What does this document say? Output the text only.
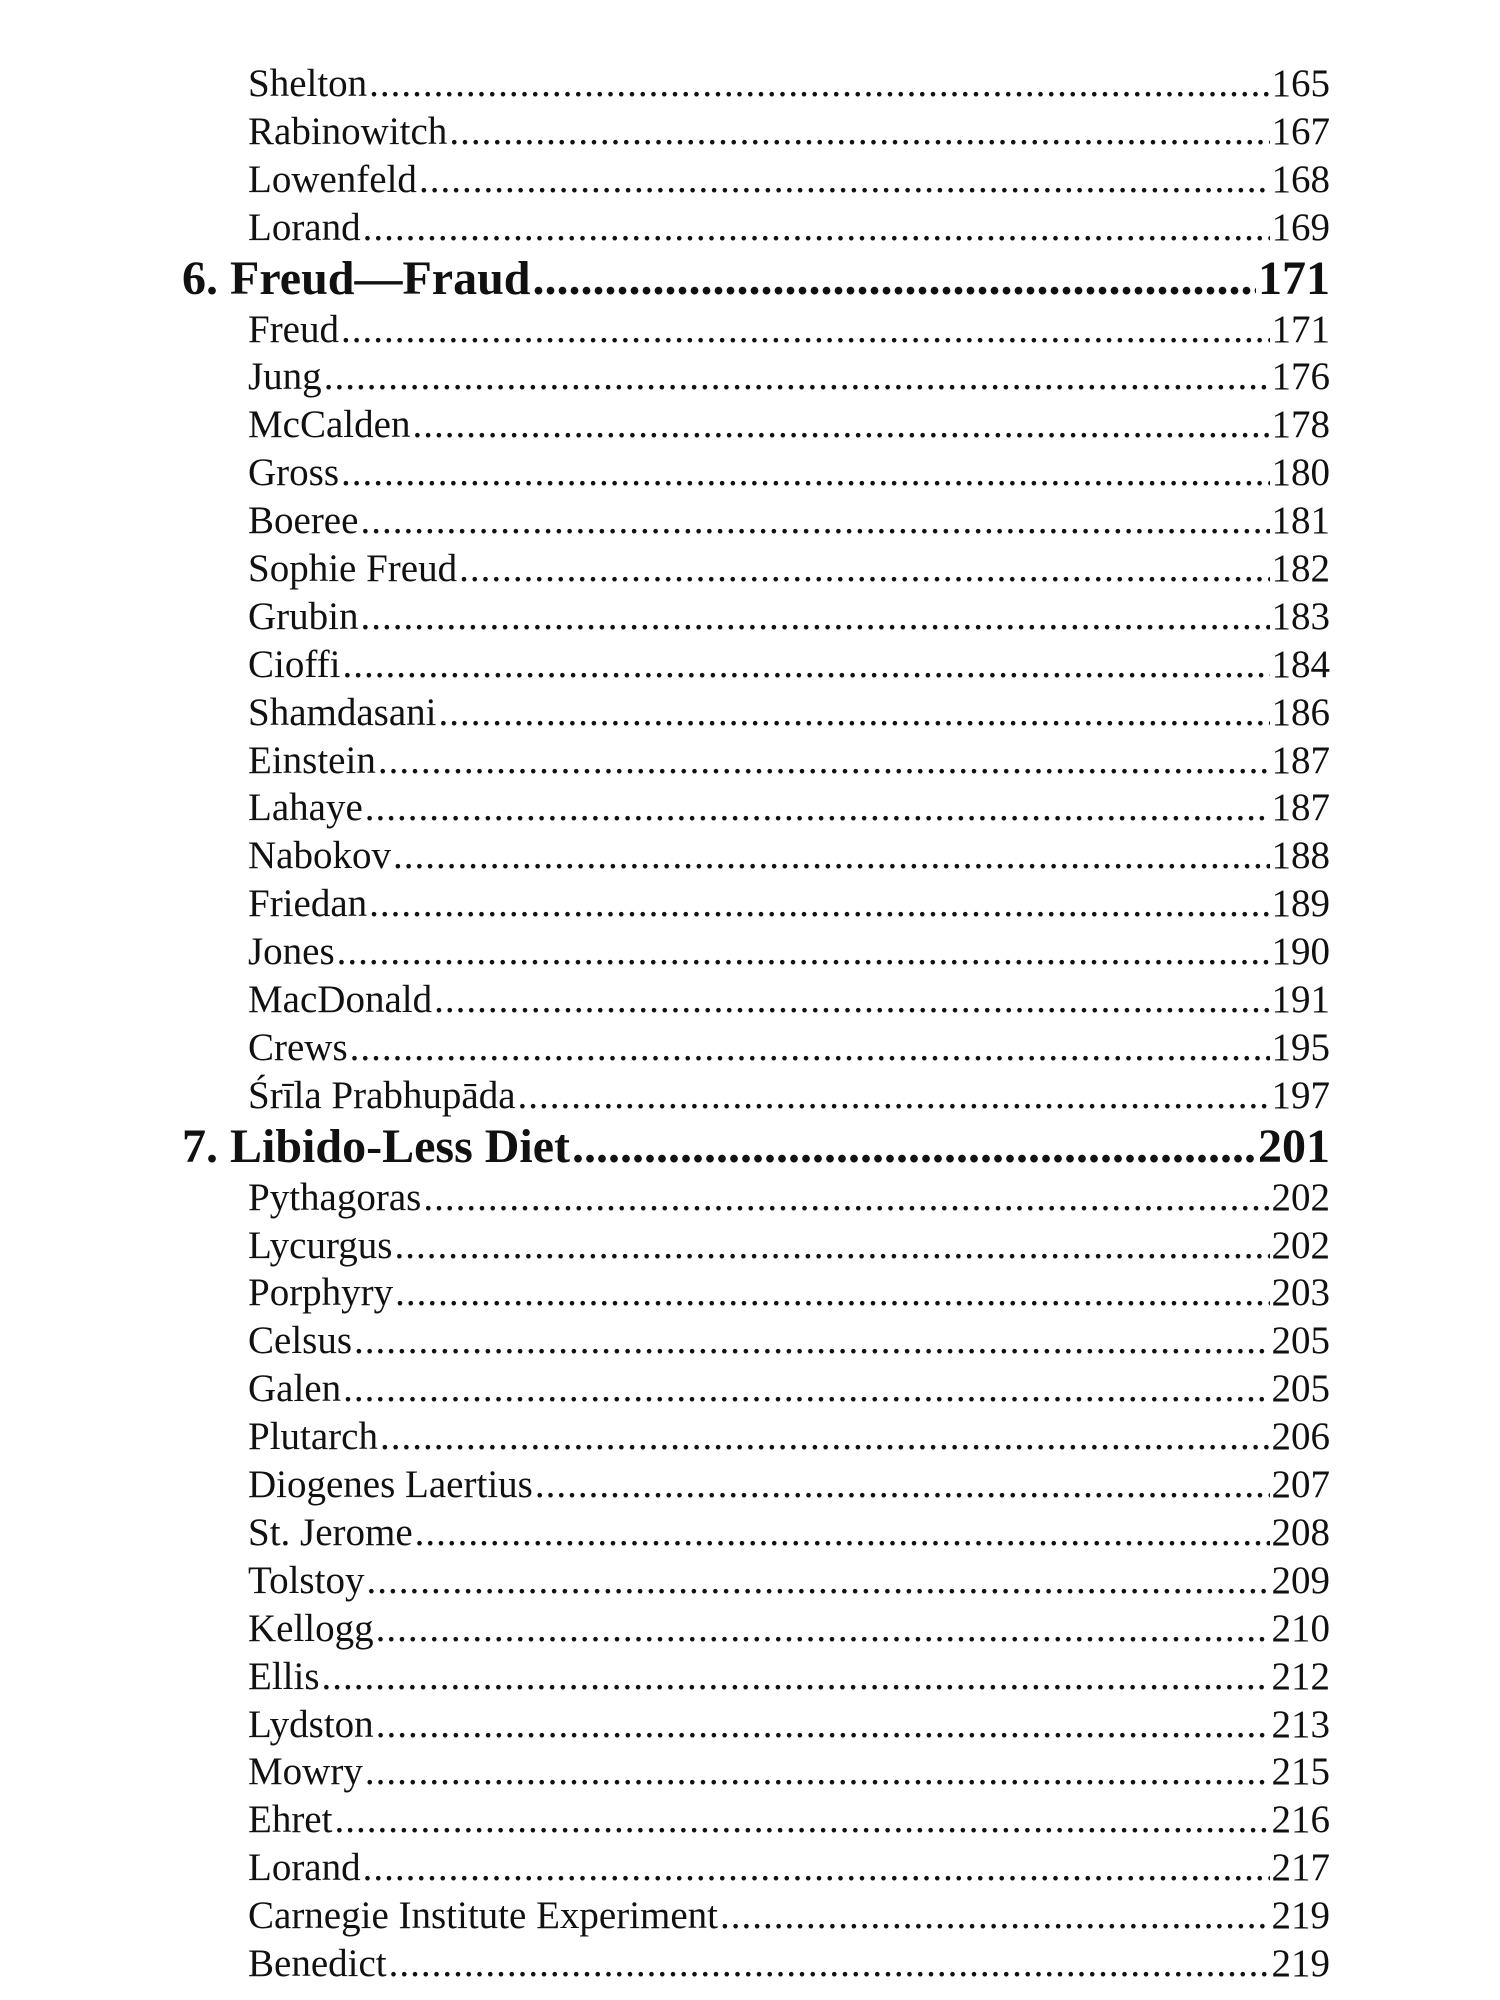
Shelton .....	165
Rabinowitch .....	167
Lowenfeld .....	168
Lorand .....	169
6. Freud—Fraud .....	171
Freud .....	171
Jung .....	176
McCalden .....	178
Gross .....	180
Boeree .....	181
Sophie Freud .....	182
Grubin .....	183
Cioffi .....	184
Shamdasani .....	186
Einstein .....	187
Lahaye .....	187
Nabokov .....	188
Friedan .....	189
Jones .....	190
MacDonald .....	191
Crews .....	195
Śrīla Prabhupāda .....	197
7. Libido-Less Diet .....	201
Pythagoras .....	202
Lycurgus .....	202
Porphyry .....	203
Celsus .....	205
Galen .....	205
Plutarch .....	206
Diogenes Laertius .....	207
St. Jerome .....	208
Tolstoy .....	209
Kellogg .....	210
Ellis .....	212
Lydston .....	213
Mowry .....	215
Ehret .....	216
Lorand .....	217
Carnegie Institute Experiment .....	219
Benedict .....	219
